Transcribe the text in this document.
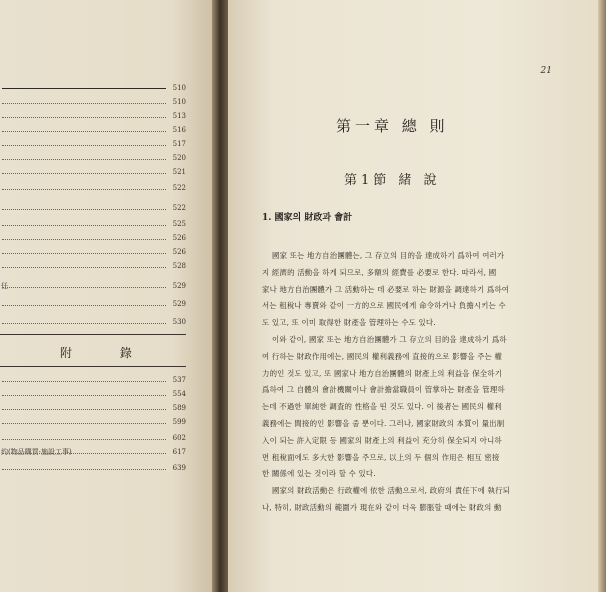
510
510
513
516
517
520
521
522
522
525
526
526
528
任	529
529
530
537
554
589
599
602
約(物品購買·施設工事)	617
639
附 錄
21
第一章 總 則
第1節 緒 說
1. 國家의 財政과 會計
國家 또는 地方自治團體는, 그 存立의 目的을 達成하기 爲하여 여러가
지 經濟的 活動을 하게 되므로, 多額의 經費를 必要로 한다. 따라서, 國
家나 地方自治團體가 그 活動하는 데 必要로 하는 財源을 調達하기 爲하여
서는 租稅나 專賣와 같이 一方的으로 國民에게 命令하거나 負擔시키는 수
도 있고, 또 이미 取得한 財產을 管理하는 수도 있다.
이와 같이, 國家 또는 地方自治團體가 그 存立의 目的을 達成하기 爲하
여 行하는 財政作用에는, 國民의 權利義務에 直接的으로 影響을 주는 權
力的인 것도 있고, 또 國家나 地方自治團體의 財產上의 利益을 保全하기
爲하여 그 自體의 會計機關이나 會計擔當職員이 管掌하는 財產을 管理하
는데 不過한 單純한 調査的 性格을 띤 것도 있다. 이 後者는 國民의 權利
義務에는 間接的인 影響을 줄 뿐이다. 그러나, 國家財政의 本質이 量出制
入이 되는 許入定限 등 國家의 財產上의 利益이 充分히 保全되지 아니하
면 租稅面에도 多大한 影響을 주므로, 以上의 두 個의 作用은 相互 密接
한 關係에 있는 것이라 할 수 있다.
國家의 財政活動은 行政權에 依한 活動으로서, 政府의 責任下에 執行되
나, 特히, 財政活動의 範圍가 現在와 같이 더욱 膨脹할 때에는 財政의 動
